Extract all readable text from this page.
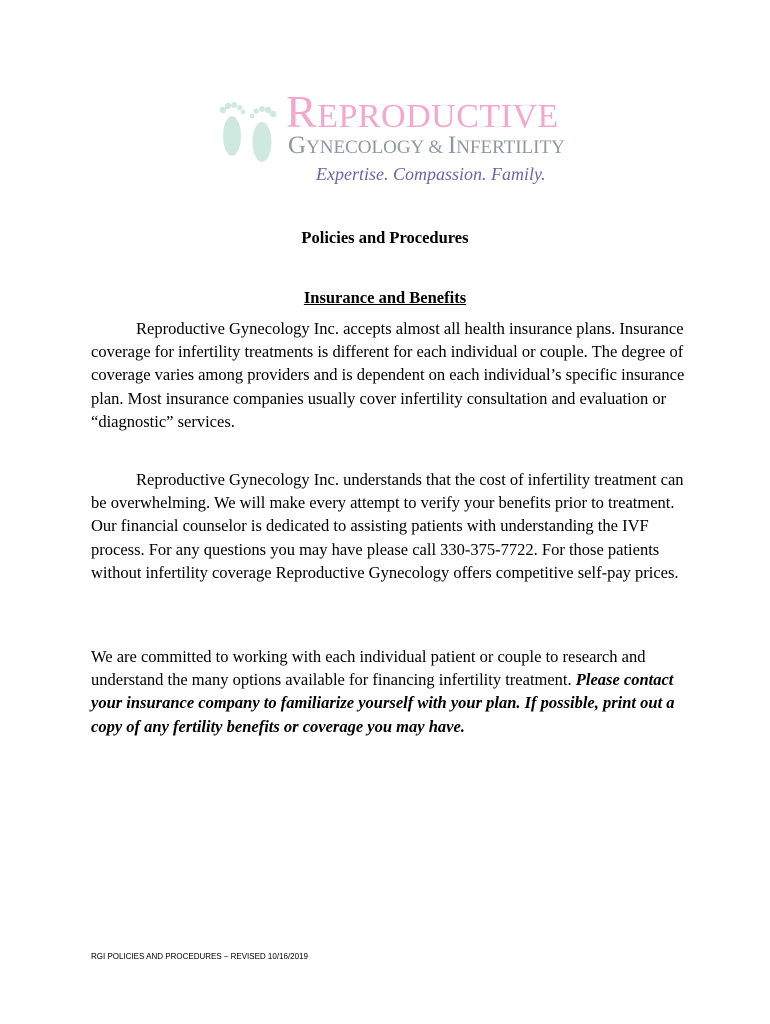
REPRODUCTIVE
GYNECOLOGY & INFERTILITY
Expertise. Compassion. Family.
Policies and Procedures
Insurance and Benefits

Reproductive Gynecology Inc. accepts almost all health insurance plans. Insurance coverage for infertility treatments is different for each individual or couple. The degree of coverage varies among providers and is dependent on each individual’s specific insurance plan. Most insurance companies usually cover infertility consultation and evaluation or “diagnostic” services.

Reproductive Gynecology Inc. understands that the cost of infertility treatment can be overwhelming. We will make every attempt to verify your benefits prior to treatment. Our financial counselor is dedicated to assisting patients with understanding the IVF process. For any questions you may have please call 330-375-7722. For those patients without infertility coverage Reproductive Gynecology offers competitive self-pay prices.

We are committed to working with each individual patient or couple to research and understand the many options available for financing infertility treatment. Please contact your insurance company to familiarize yourself with your plan. If possible, print out a copy of any fertility benefits or coverage you may have.

RGI POLICIES AND PROCEDURES – REVISED 10/16/2019
